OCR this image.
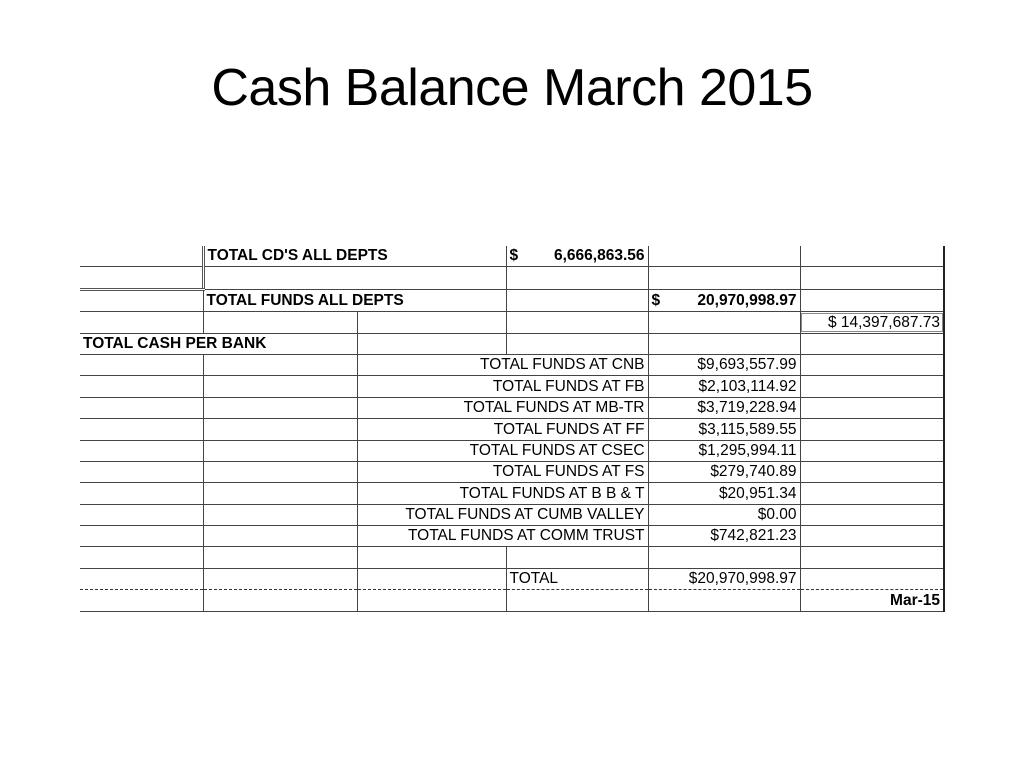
Cash Balance March 2015
	TOTAL CD'S ALL DEPTS		$ 6,666,863.56		

	TOTAL FUNDS ALL DEPTS			$ 20,970,998.97	

					$ 14,397,687.73
TOTAL CASH PER BANK					
		TOTAL FUNDS AT CNB		$9,693,557.99	
		TOTAL FUNDS AT FB		$2,103,114.92	
		TOTAL FUNDS AT MB-TR		$3,719,228.94	
		TOTAL FUNDS AT FF		$3,115,589.55	
		TOTAL FUNDS AT CSEC		$1,295,994.11	
		TOTAL FUNDS AT FS		$279,740.89	
		TOTAL FUNDS AT B B & T		$20,951.34	
		TOTAL FUNDS AT CUMB VALLEY		$0.00	
		TOTAL FUNDS AT COMM TRUST		$742,821.23	

			TOTAL	$20,970,998.97	
					Mar-15
